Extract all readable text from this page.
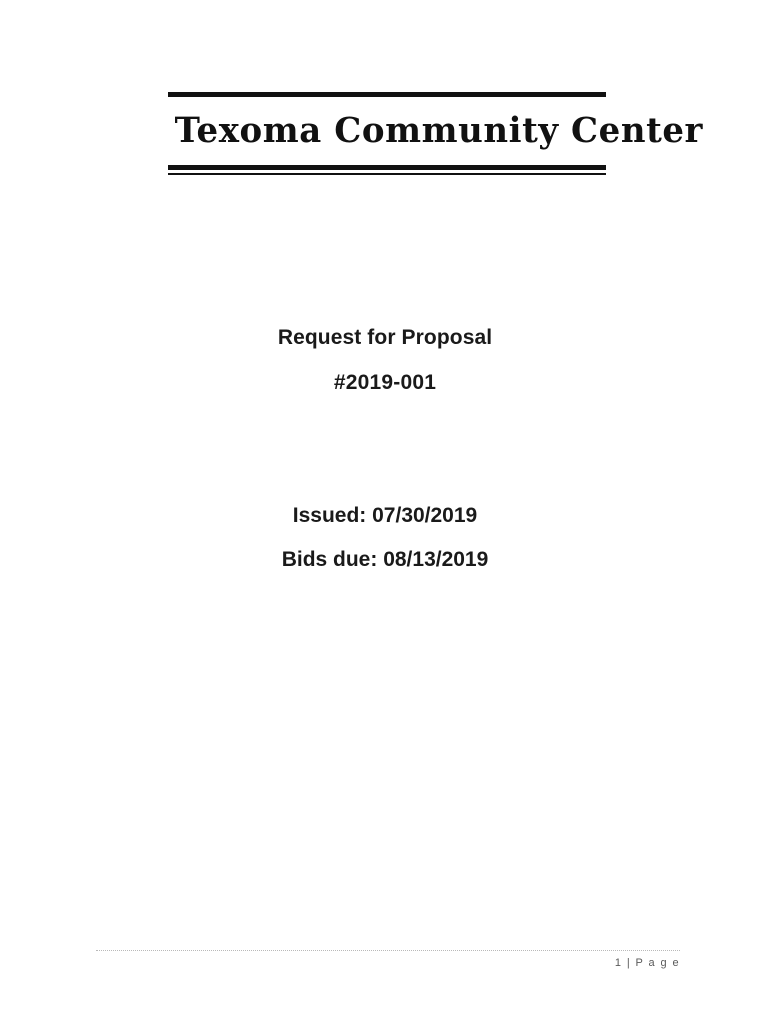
Texoma Community Center
Request for Proposal
#2019-001
Issued: 07/30/2019
Bids due: 08/13/2019
1 | P a g e
